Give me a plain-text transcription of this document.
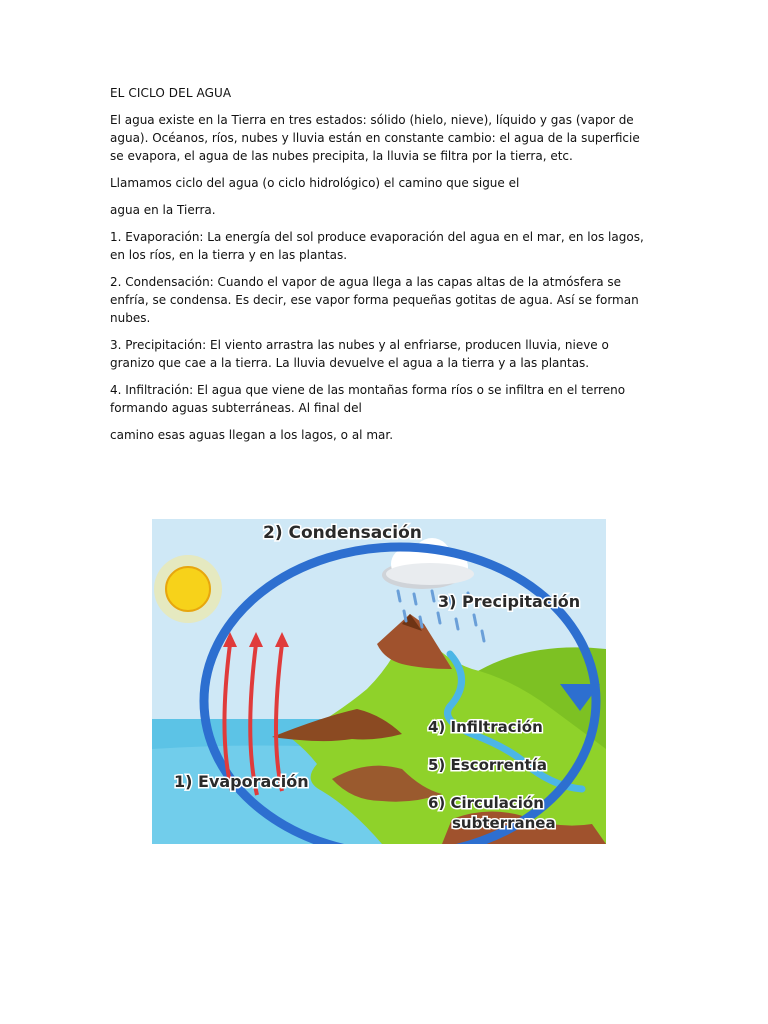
EL CICLO DEL AGUA

El agua existe en la Tierra en tres estados: sólido (hielo, nieve), líquido y gas (vapor de agua). Océanos, ríos, nubes y lluvia están en constante cambio: el agua de la superficie se evapora, el agua de las nubes precipita, la lluvia se filtra por la tierra, etc.

Llamamos ciclo del agua (o ciclo hidrológico) el camino que sigue el

agua en la Tierra.

1. Evaporación: La energía del sol produce evaporación del agua en el mar, en los lagos, en los ríos, en la tierra y en las plantas.

2. Condensación: Cuando el vapor de agua llega a las capas altas de la atmósfera se enfría, se condensa. Es decir, ese vapor forma pequeñas gotitas de agua. Así se forman nubes.

3. Precipitación: El viento arrastra las nubes y al enfriarse, producen lluvia, nieve o granizo que cae a la tierra. La lluvia devuelve el agua a la tierra y a las plantas.

4. Infiltración: El agua que viene de las montañas forma ríos o se infiltra en el terreno formando aguas subterráneas. Al final del

camino esas aguas llegan a los lagos, o al mar.

2) Condensación
3) Precipitación
4) Infiltración
5) Escorrentía
6) Circulación
subterranea
1) Evaporación
